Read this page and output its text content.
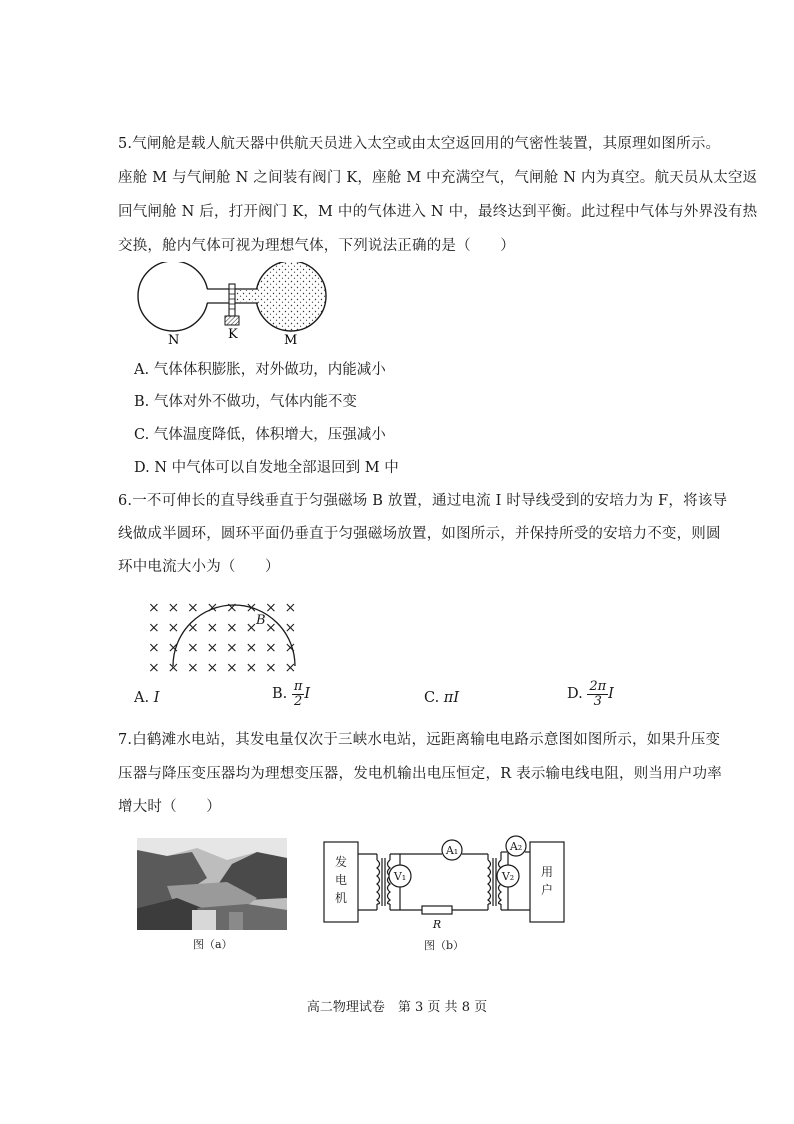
5.气闸舱是载人航天器中供航天员进入太空或由太空返回用的气密性装置，其原理如图所示。
座舱 M 与气闸舱 N 之间装有阀门 K，座舱 M 中充满空气，气闸舱 N 内为真空。航天员从太空返
回气闸舱 N 后，打开阀门 K，M 中的气体进入 N 中，最终达到平衡。此过程中气体与外界没有热
交换，舱内气体可视为理想气体，下列说法正确的是（　　）
N	K	M
A. 气体体积膨胀，对外做功，内能减小
B. 气体对外不做功，气体内能不变
C. 气体温度降低，体积增大，压强减小
D. N 中气体可以自发地全部退回到 M 中
6.一不可伸长的直导线垂直于匀强磁场 B 放置，通过电流 I 时导线受到的安培力为 F，将该导
线做成半圆环，圆环平面仍垂直于匀强磁场放置，如图所示，并保持所受的安培力不变，则圆
环中电流大小为（　　）
× × × × × × × ×
× × × × × × × ×
× × × × × × × ×
× × × × × × × ×
B
A. I	B. $\frac{\pi}{2}$ I	C. πI	D. $\frac{2\pi}{3}$ I
7.白鹤滩水电站，其发电量仅次于三峡水电站，远距离输电电路示意图如图所示，如果升压变
压器与降压变压器均为理想变压器，发电机输出电压恒定，R 表示输电线电阻，则当用户功率
增大时（　　）
图（a）
A₁	A₂
V₁	V₂
R
发
电
机
用
户
图（b）
高二物理试卷　第 3 页 共 8 页
